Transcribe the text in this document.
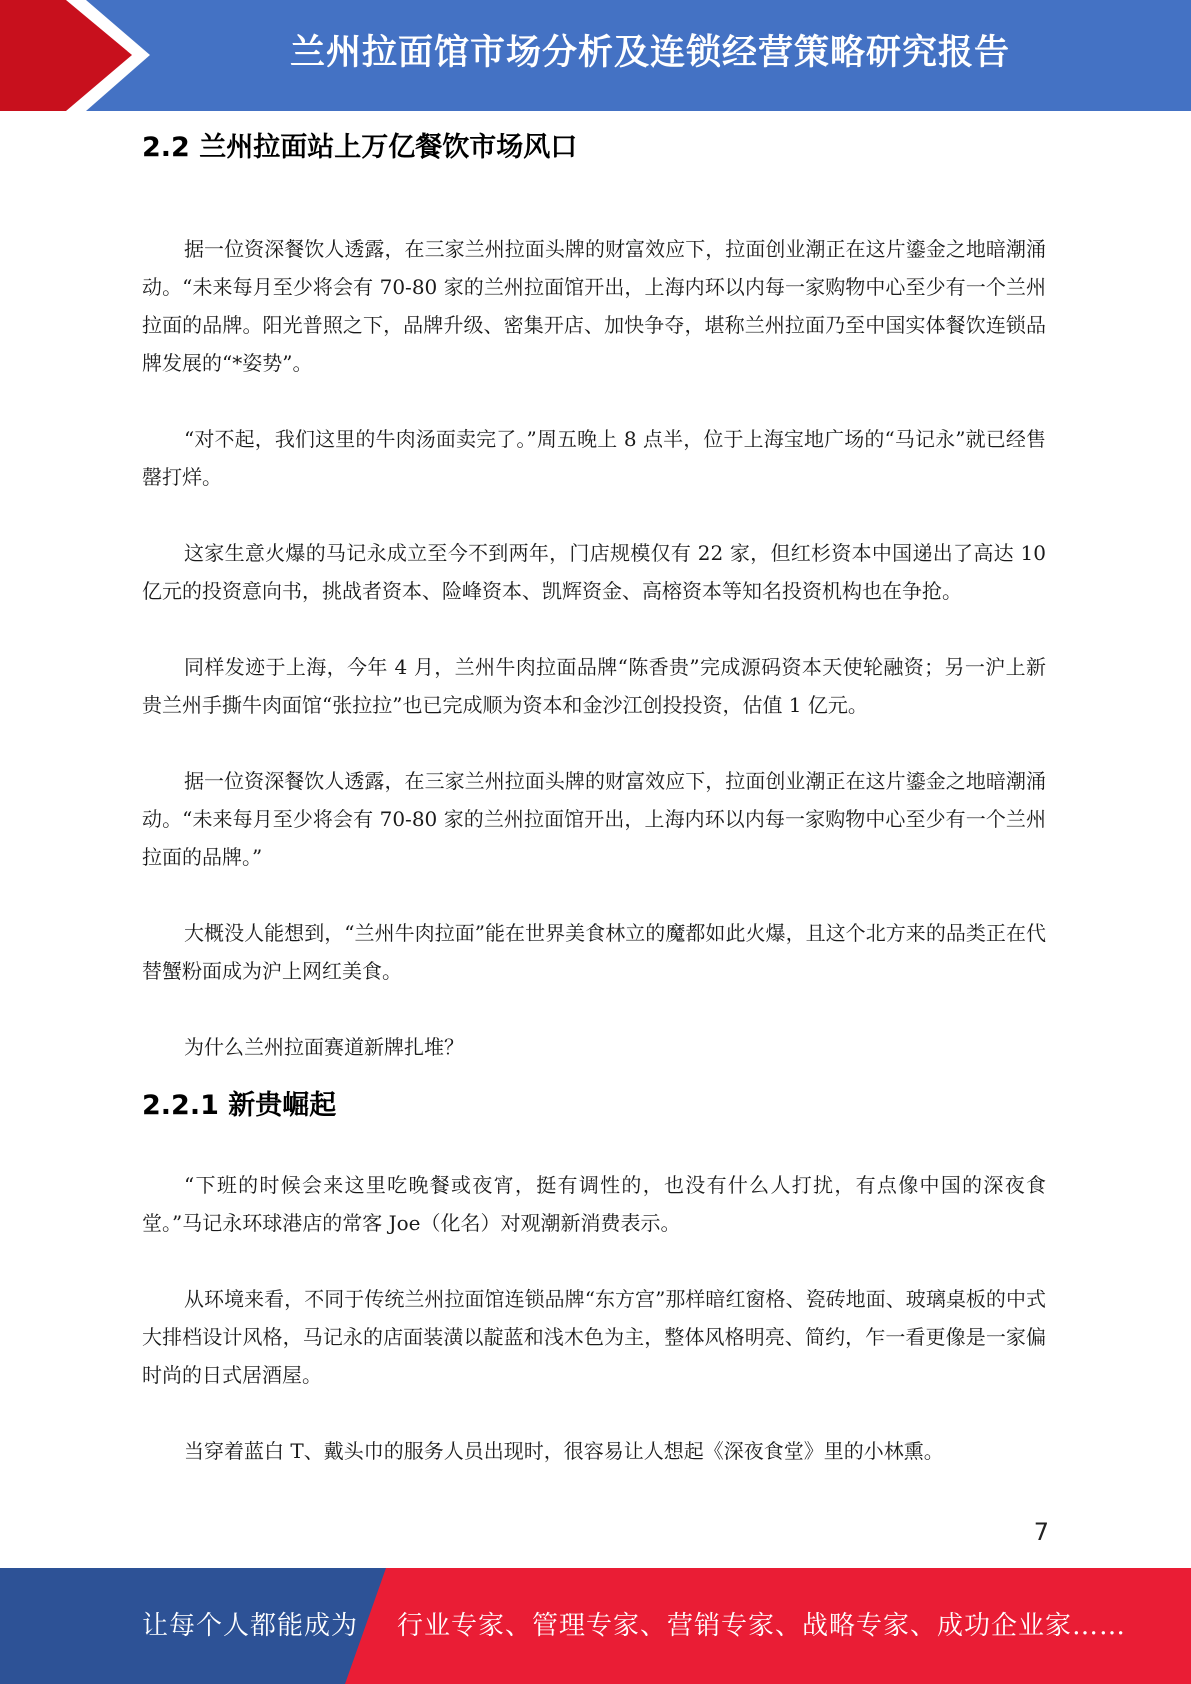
兰州拉面馆市场分析及连锁经营策略研究报告
2.2 兰州拉面站上万亿餐饮市场风口

据一位资深餐饮人透露，在三家兰州拉面头牌的财富效应下，拉面创业潮正在这片鎏金之地暗潮涌动。“未来每月至少将会有 70-80 家的兰州拉面馆开出，上海内环以内每一家购物中心至少有一个兰州拉面的品牌。阳光普照之下，品牌升级、密集开店、加快争夺，堪称兰州拉面乃至中国实体餐饮连锁品牌发展的“*姿势”。

“对不起，我们这里的牛肉汤面卖完了。”周五晚上 8 点半，位于上海宝地广场的“马记永”就已经售罄打烊。

这家生意火爆的马记永成立至今不到两年，门店规模仅有 22 家，但红杉资本中国递出了高达 10 亿元的投资意向书，挑战者资本、险峰资本、凯辉资金、高榕资本等知名投资机构也在争抢。

同样发迹于上海，今年 4 月，兰州牛肉拉面品牌“陈香贵”完成源码资本天使轮融资；另一沪上新贵兰州手撕牛肉面馆“张拉拉”也已完成顺为资本和金沙江创投投资，估值 1 亿元。

据一位资深餐饮人透露，在三家兰州拉面头牌的财富效应下，拉面创业潮正在这片鎏金之地暗潮涌动。“未来每月至少将会有 70-80 家的兰州拉面馆开出，上海内环以内每一家购物中心至少有一个兰州拉面的品牌。”

大概没人能想到，“兰州牛肉拉面”能在世界美食林立的魔都如此火爆，且这个北方来的品类正在代替蟹粉面成为沪上网红美食。

为什么兰州拉面赛道新牌扎堆？

2.2.1 新贵崛起

“下班的时候会来这里吃晚餐或夜宵，挺有调性的，也没有什么人打扰，有点像中国的深夜食堂。”马记永环球港店的常客 Joe（化名）对观潮新消费表示。

从环境来看，不同于传统兰州拉面馆连锁品牌“东方宫”那样暗红窗格、瓷砖地面、玻璃桌板的中式大排档设计风格，马记永的店面装潢以靛蓝和浅木色为主，整体风格明亮、简约，乍一看更像是一家偏时尚的日式居酒屋。

当穿着蓝白 T、戴头巾的服务人员出现时，很容易让人想起《深夜食堂》里的小林熏。

7
让每个人都能成为 行业专家、管理专家、营销专家、战略专家、成功企业家……
